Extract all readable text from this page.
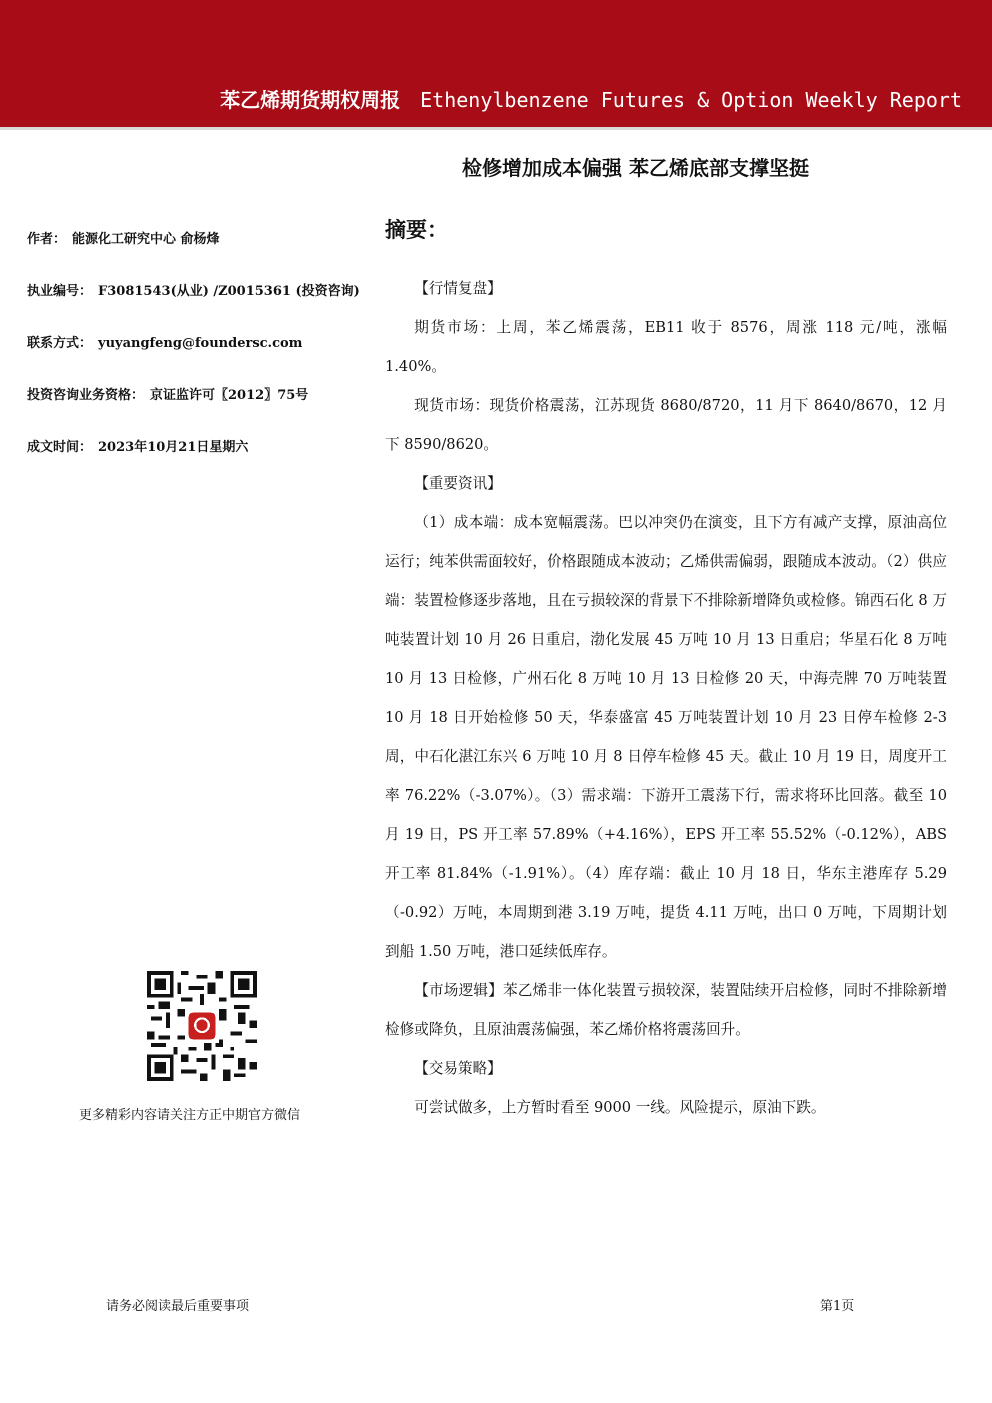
苯乙烯期货期权周报 Ethenylbenzene Futures & Option Weekly Report
检修增加成本偏强 苯乙烯底部支撑坚挺
作者： 能源化工研究中心 俞杨烽
执业编号： F3081543(从业) /Z0015361 (投资咨询)
联系方式： yuyangfeng@foundersc.com
投资咨询业务资格： 京证监许可〖2012〗75号
成文时间： 2023年10月21日星期六
更多精彩内容请关注方正中期官方微信
摘要：

【行情复盘】

期货市场：上周，苯乙烯震荡，EB11 收于 8576，周涨 118 元/吨，涨幅 1.40%。

现货市场：现货价格震荡，江苏现货 8680/8720，11 月下 8640/8670，12 月下 8590/8620。

【重要资讯】

（1）成本端：成本宽幅震荡。巴以冲突仍在演变，且下方有减产支撑，原油高位运行；纯苯供需面较好，价格跟随成本波动；乙烯供需偏弱，跟随成本波动。（2）供应端：装置检修逐步落地，且在亏损较深的背景下不排除新增降负或检修。锦西石化 8 万吨装置计划 10 月 26 日重启，渤化发展 45 万吨 10 月 13 日重启；华星石化 8 万吨 10 月 13 日检修，广州石化 8 万吨 10 月 13 日检修 20 天，中海壳牌 70 万吨装置 10 月 18 日开始检修 50 天，华泰盛富 45 万吨装置计划 10 月 23 日停车检修 2-3 周，中石化湛江东兴 6 万吨 10 月 8 日停车检修 45 天。截止 10 月 19 日，周度开工率 76.22%（-3.07%）。（3）需求端：下游开工震荡下行，需求将环比回落。截至 10 月 19 日，PS 开工率 57.89%（+4.16%），EPS 开工率 55.52%（-0.12%），ABS 开工率 81.84%（-1.91%）。（4）库存端：截止 10 月 18 日，华东主港库存 5.29（-0.92）万吨，本周期到港 3.19 万吨，提货 4.11 万吨，出口 0 万吨，下周期计划到船 1.50 万吨，港口延续低库存。

【市场逻辑】苯乙烯非一体化装置亏损较深，装置陆续开启检修，同时不排除新增检修或降负，且原油震荡偏强，苯乙烯价格将震荡回升。

【交易策略】

可尝试做多，上方暂时看至 9000 一线。风险提示，原油下跌。

请务必阅读最后重要事项	第1页
